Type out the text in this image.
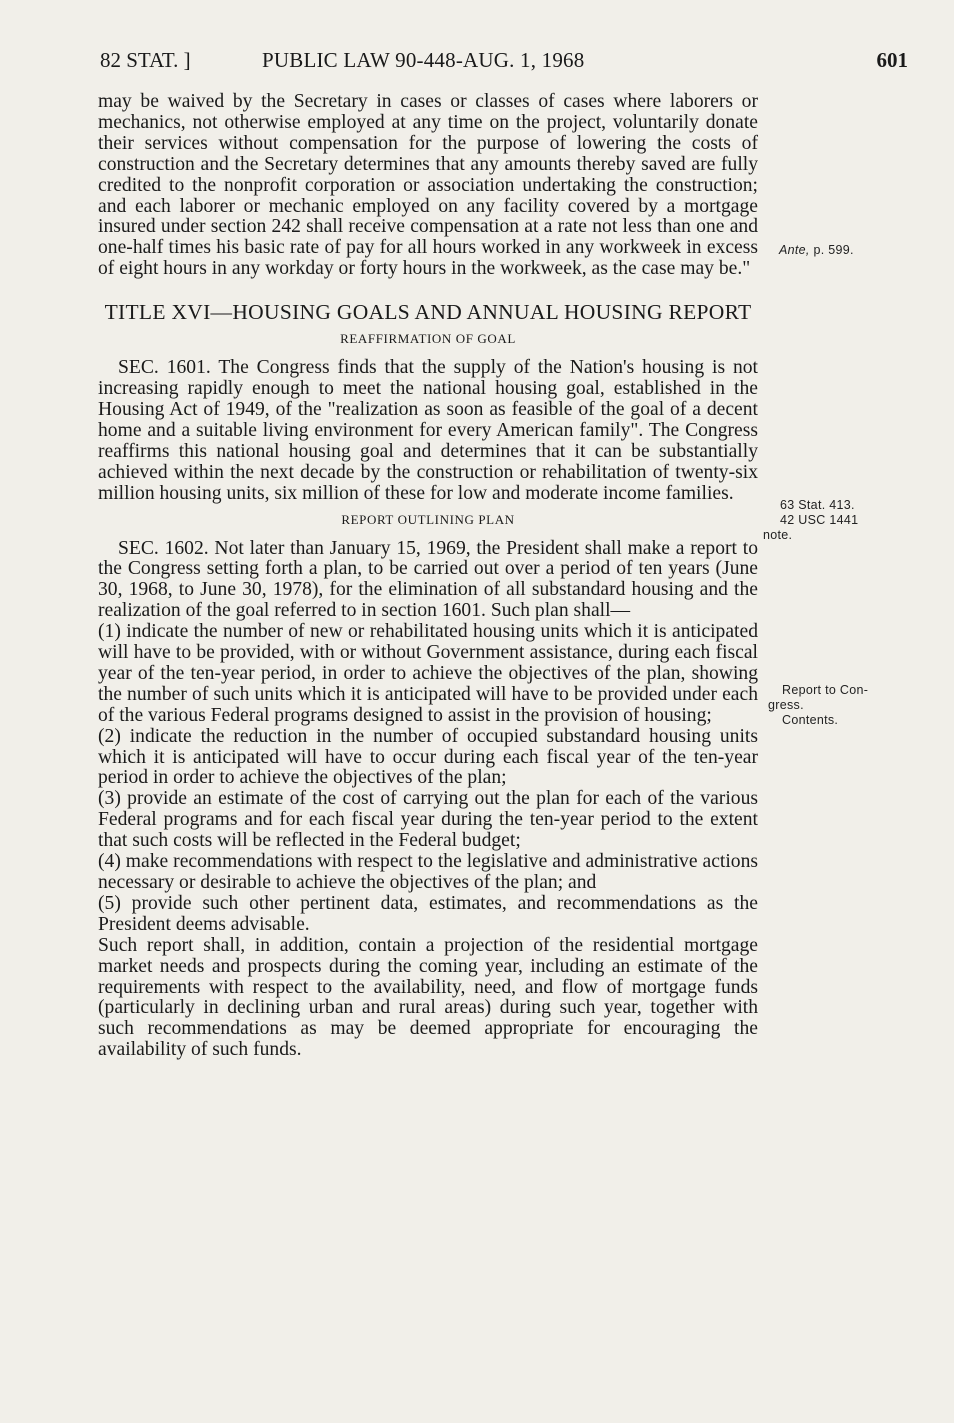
82 STAT. ]	PUBLIC LAW 90-448-AUG. 1, 1968	601

may be waived by the Secretary in cases or classes of cases where laborers or mechanics, not otherwise employed at any time on the project, voluntarily donate their services without compensation for the purpose of lowering the costs of construction and the Secretary determines that any amounts thereby saved are fully credited to the nonprofit corporation or association undertaking the construction; and each laborer or mechanic employed on any facility covered by a mortgage insured under section 242 shall receive compensation at a rate not less than one and one-half times his basic rate of pay for all hours worked in any workweek in excess of eight hours in any workday or forty hours in the workweek, as the case may be."

TITLE XVI—HOUSING GOALS AND ANNUAL HOUSING REPORT
REAFFIRMATION OF GOAL

SEC. 1601. The Congress finds that the supply of the Nation's housing is not increasing rapidly enough to meet the national housing goal, established in the Housing Act of 1949, of the "realization as soon as feasible of the goal of a decent home and a suitable living environment for every American family". The Congress reaffirms this national housing goal and determines that it can be substantially achieved within the next decade by the construction or rehabilitation of twenty-six million housing units, six million of these for low and moderate income families.

REPORT OUTLINING PLAN

SEC. 1602. Not later than January 15, 1969, the President shall make a report to the Congress setting forth a plan, to be carried out over a period of ten years (June 30, 1968, to June 30, 1978), for the elimination of all substandard housing and the realization of the goal referred to in section 1601. Such plan shall—

(1) indicate the number of new or rehabilitated housing units which it is anticipated will have to be provided, with or without Government assistance, during each fiscal year of the ten-year period, in order to achieve the objectives of the plan, showing the number of such units which it is anticipated will have to be provided under each of the various Federal programs designed to assist in the provision of housing;

(2) indicate the reduction in the number of occupied substandard housing units which it is anticipated will have to occur during each fiscal year of the ten-year period in order to achieve the objectives of the plan;

(3) provide an estimate of the cost of carrying out the plan for each of the various Federal programs and for each fiscal year during the ten-year period to the extent that such costs will be reflected in the Federal budget;

(4) make recommendations with respect to the legislative and administrative actions necessary or desirable to achieve the objectives of the plan; and

(5) provide such other pertinent data, estimates, and recommendations as the President deems advisable.

Such report shall, in addition, contain a projection of the residential mortgage market needs and prospects during the coming year, including an estimate of the requirements with respect to the availability, need, and flow of mortgage funds (particularly in declining urban and rural areas) during such year, together with such recommendations as may be deemed appropriate for encouraging the availability of such funds.

Ante, p. 599.
63 Stat. 413.
42 USC 1441
note.
Report to Con-
gress.
Contents.
